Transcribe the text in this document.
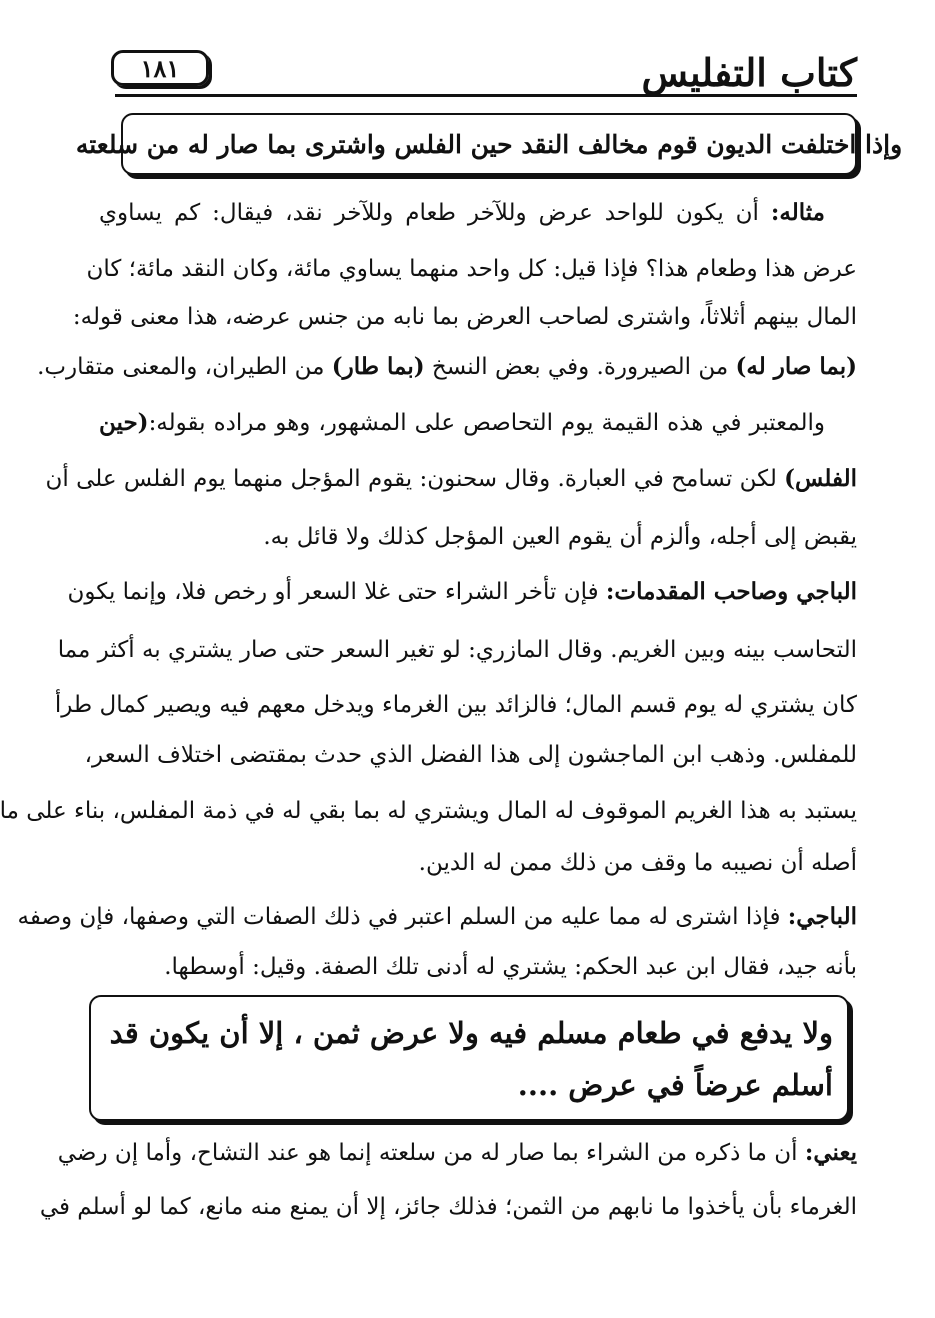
كتاب التفليس
١٨١
وإذا اختلفت الديون قوم مخالف النقد حين الفلس واشترى بما صار له من سلعته
مثاله: أن يكون للواحد عرض وللآخر طعام وللآخر نقد، فيقال: كم يساوي
عرض هذا وطعام هذا؟ فإذا قيل: كل واحد منهما يساوي مائة، وكان النقد مائة؛ كان
المال بينهم أثلاثاً، واشترى لصاحب العرض بما نابه من جنس عرضه، هذا معنى قوله:
(بما صار له) من الصيرورة. وفي بعض النسخ (بما طار) من الطيران، والمعنى متقارب.
والمعتبر في هذه القيمة يوم التحاصص على المشهور، وهو مراده بقوله:(حين
الفلس) لكن تسامح في العبارة. وقال سحنون: يقوم المؤجل منهما يوم الفلس على أن
يقبض إلى أجله، وألزم أن يقوم العين المؤجل كذلك ولا قائل به.
الباجي وصاحب المقدمات: فإن تأخر الشراء حتى غلا السعر أو رخص فلا، وإنما يكون
التحاسب بينه وبين الغريم. وقال المازري: لو تغير السعر حتى صار يشتري به أكثر مما
كان يشتري له يوم قسم المال؛ فالزائد بين الغرماء ويدخل معهم فيه ويصير كمال طرأ
للمفلس. وذهب ابن الماجشون إلى هذا الفضل الذي حدث بمقتضى اختلاف السعر،
يستبد به هذا الغريم الموقوف له المال ويشتري له بما بقي له في ذمة المفلس، بناء على ما
أصله أن نصيبه ما وقف من ذلك ممن له الدين.
الباجي: فإذا اشترى له مما عليه من السلم اعتبر في ذلك الصفات التي وصفها، فإن وصفه
بأنه جيد، فقال ابن عبد الحكم: يشتري له أدنى تلك الصفة. وقيل: أوسطها.
ولا يدفع في طعام مسلم فيه ولا عرض ثمن ، إلا أن يكون قد
أسلم عرضاً في عرض ....
يعني: أن ما ذكره من الشراء بما صار له من سلعته إنما هو عند التشاح، وأما إن رضي
الغرماء بأن يأخذوا ما نابهم من الثمن؛ فذلك جائز، إلا أن يمنع منه مانع، كما لو أسلم في
